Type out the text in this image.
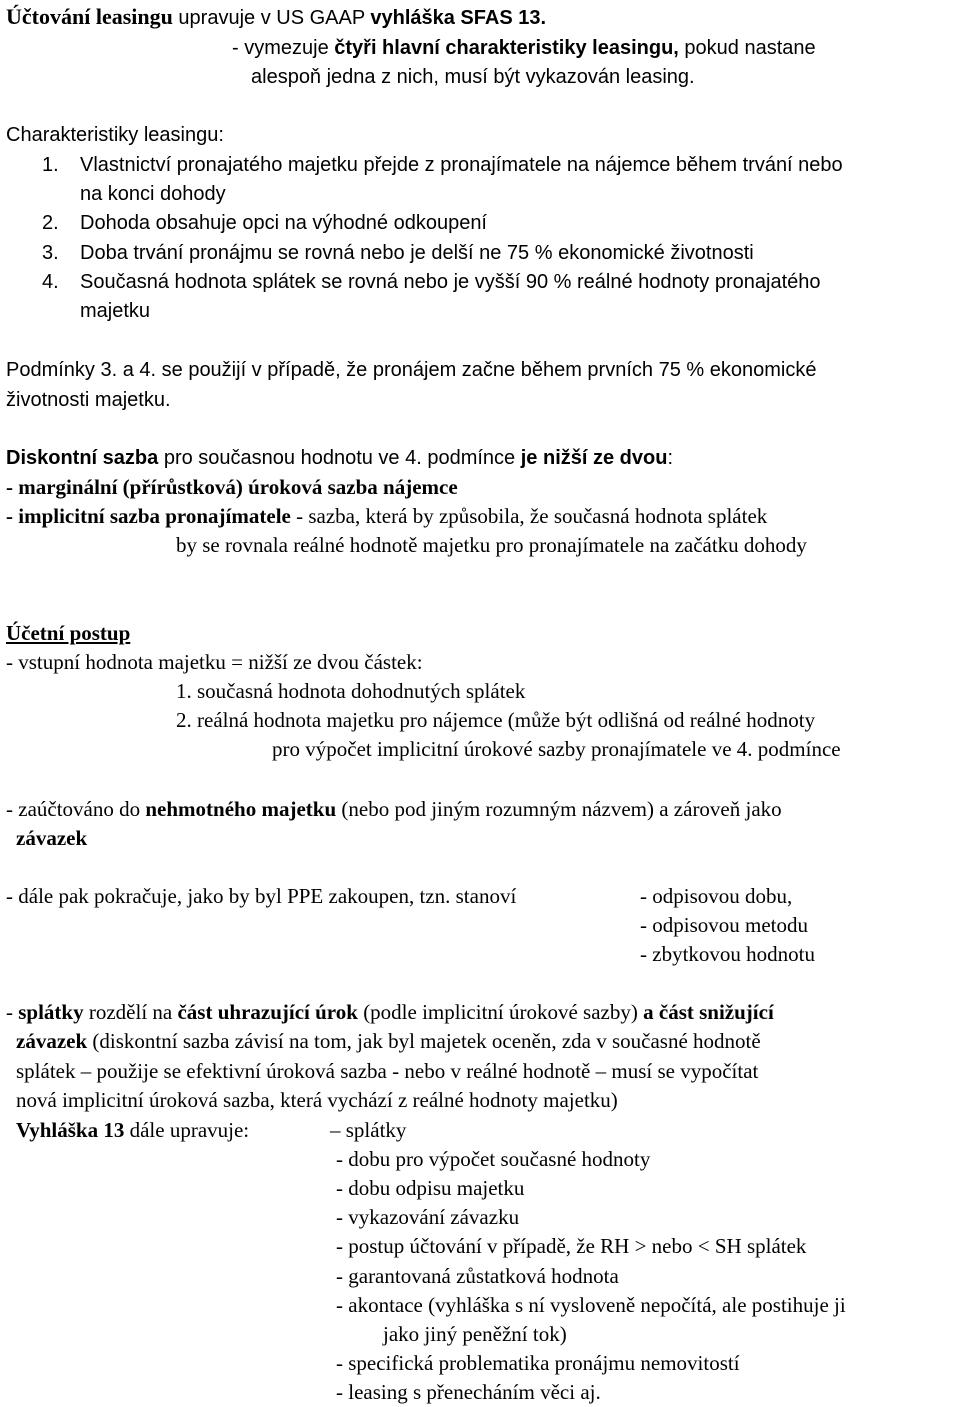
Účtování leasingu upravuje v US GAAP vyhláška SFAS 13.
- vymezuje čtyři hlavní charakteristiky leasingu, pokud nastane
alespoň jedna z nich, musí být vykazován leasing.
Charakteristiky leasingu:
1. Vlastnictví pronajatého majetku přejde z pronajímatele na nájemce během trvání nebo
na konci dohody
2. Dohoda obsahuje opci na výhodné odkoupení
3. Doba trvání pronájmu se rovná nebo je delší ne 75 % ekonomické životnosti
4. Současná hodnota splátek se rovná nebo je vyšší 90 % reálné hodnoty pronajatého
majetku
Podmínky 3. a 4. se použijí v případě, že pronájem začne během prvních 75 % ekonomické
životnosti majetku.
Diskontní sazba pro současnou hodnotu ve 4. podmínce je nižší ze dvou:
- marginální (přírůstková) úroková sazba nájemce
- implicitní sazba pronajímatele - sazba, která by způsobila, že současná hodnota splátek
by se rovnala reálné hodnotě majetku pro pronajímatele na začátku dohody
Účetní postup
- vstupní hodnota majetku = nižší ze dvou částek:
1. současná hodnota dohodnutých splátek
2. reálná hodnota majetku pro nájemce (může být odlišná od reálné hodnoty
pro výpočet implicitní úrokové sazby pronajímatele ve 4. podmínce
- zaúčtováno do nehmotného majetku (nebo pod jiným rozumným názvem) a zároveň jako
závazek
- dále pak pokračuje, jako by byl PPE zakoupen, tzn. stanoví	- odpisovou dobu,
- odpisovou metodu
- zbytkovou hodnotu
- splátky rozdělí na část uhrazující úrok (podle implicitní úrokové sazby) a část snižující
závazek (diskontní sazba závisí na tom, jak byl majetek oceněn, zda v současné hodnotě
splátek – použije se efektivní úroková sazba - nebo v reálné hodnotě – musí se vypočítat
nová implicitní úroková sazba, která vychází z reálné hodnoty majetku)
Vyhláška 13 dále upravuje:	– splátky
- dobu pro výpočet současné hodnoty
- dobu odpisu majetku
- vykazování závazku
- postup účtování v případě, že RH > nebo < SH splátek
- garantovaná zůstatková hodnota
- akontace (vyhláška s ní vysloveně nepočítá, ale postihuje ji
jako jiný peněžní tok)
- specifická problematika pronájmu nemovitostí
- leasing s přenecháním věci aj.
